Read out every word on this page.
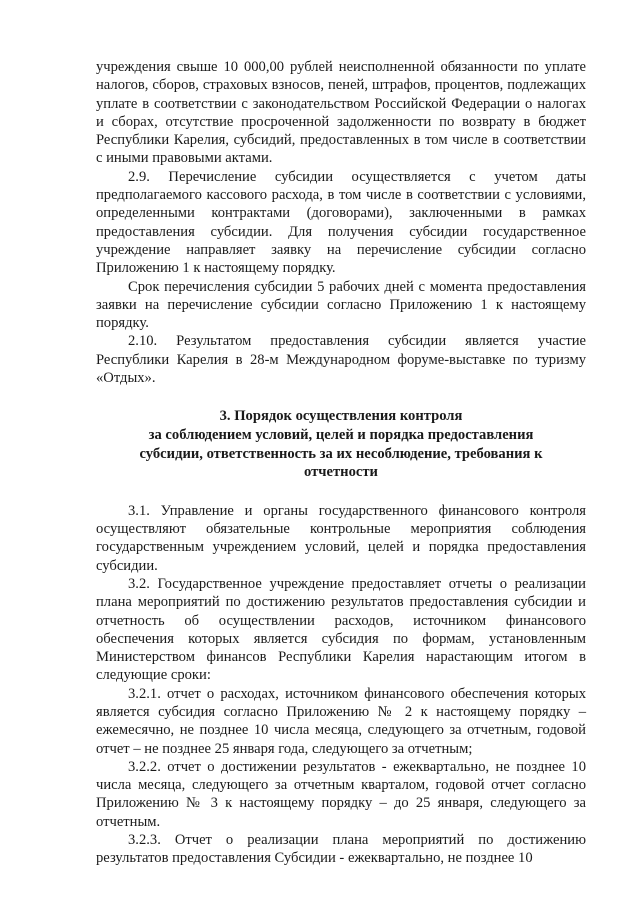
учреждения свыше 10 000,00 рублей неисполненной обязанности по уплате налогов, сборов, страховых взносов, пеней, штрафов, процентов, подлежащих уплате в соответствии с законодательством Российской Федерации о налогах и сборах, отсутствие просроченной задолженности по возврату в бюджет Республики Карелия, субсидий, предоставленных в том числе в соответствии с иными правовыми актами.

2.9. Перечисление субсидии осуществляется с учетом даты предполагаемого кассового расхода, в том числе в соответствии с условиями, определенными контрактами (договорами), заключенными в рамках предоставления субсидии. Для получения субсидии государственное учреждение направляет заявку на перечисление субсидии согласно Приложению 1 к настоящему порядку.

Срок перечисления субсидии 5 рабочих дней с момента предоставления заявки на перечисление субсидии согласно Приложению 1 к настоящему порядку.

2.10. Результатом предоставления субсидии является участие Республики Карелия в 28-м Международном форуме-выставке по туризму «Отдых».

3. Порядок осуществления контроля
за соблюдением условий, целей и порядка предоставления
субсидии, ответственность за их несоблюдение, требования к
отчетности

3.1. Управление и органы государственного финансового контроля осуществляют обязательные контрольные мероприятия соблюдения государственным учреждением условий, целей и порядка предоставления субсидии.

3.2. Государственное учреждение предоставляет отчеты о реализации плана мероприятий по достижению результатов предоставления субсидии и отчетность об осуществлении расходов, источником финансового обеспечения которых является субсидия по формам, установленным Министерством финансов Республики Карелия нарастающим итогом в следующие сроки:

3.2.1. отчет о расходах, источником финансового обеспечения которых является субсидия согласно Приложению № 2 к настоящему порядку – ежемесячно, не позднее 10 числа месяца, следующего за отчетным, годовой отчет – не позднее 25 января года, следующего за отчетным;

3.2.2. отчет о достижении результатов - ежеквартально, не позднее 10 числа месяца, следующего за отчетным кварталом, годовой отчет согласно Приложению № 3 к настоящему порядку – до 25 января, следующего за отчетным.

3.2.3. Отчет о реализации плана мероприятий по достижению результатов предоставления Субсидии - ежеквартально, не позднее 10
